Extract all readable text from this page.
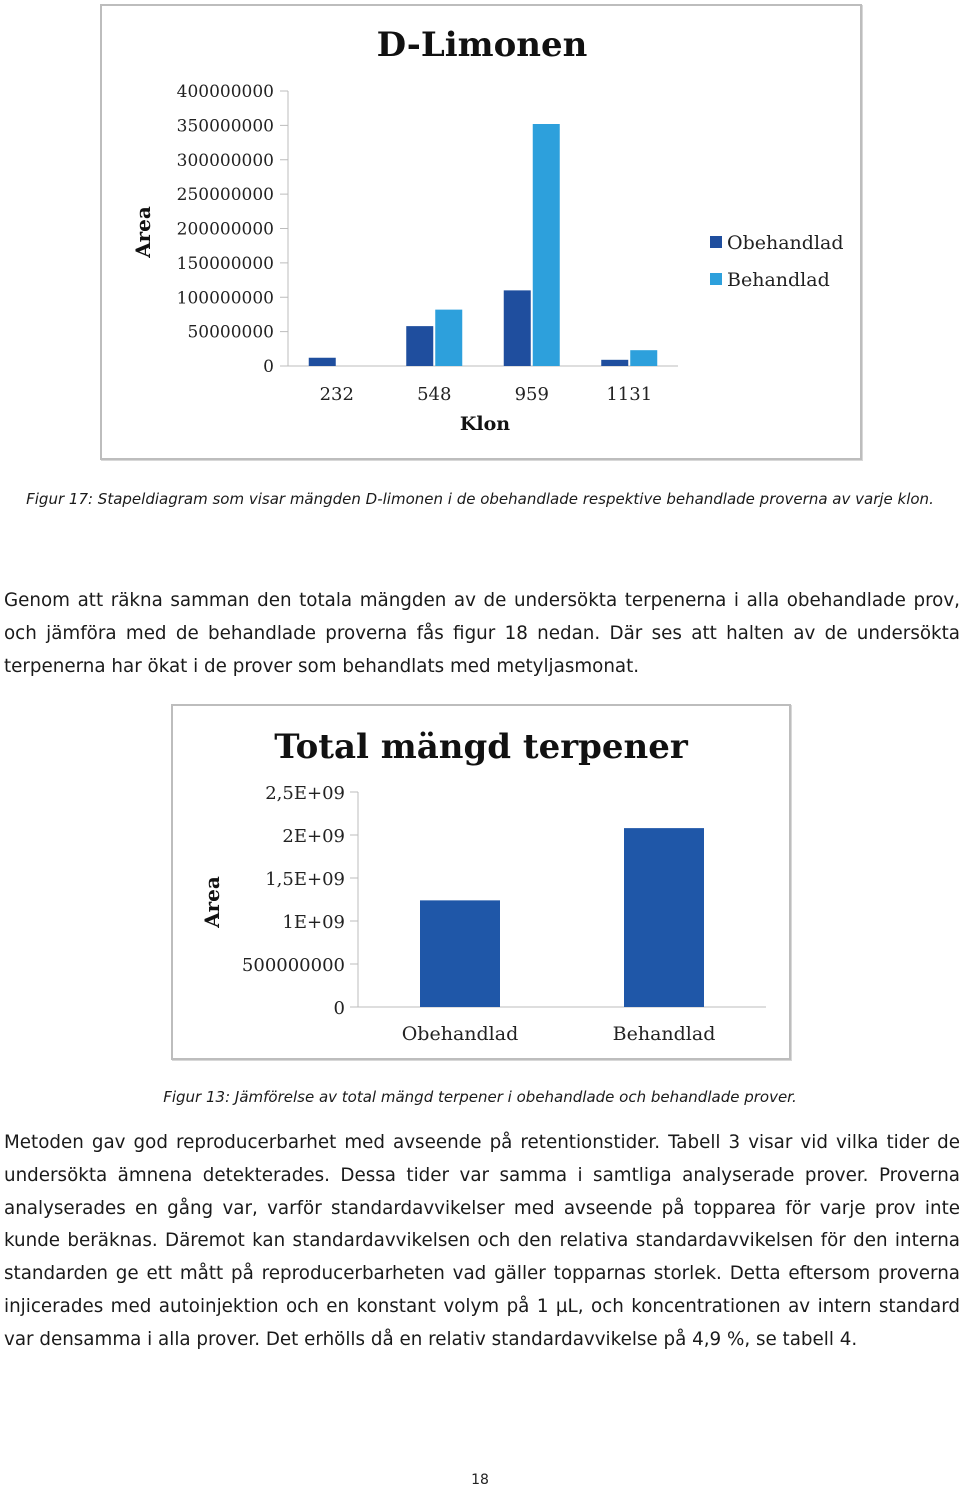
D-Limonen
Area
Klon
400000000
350000000
300000000
250000000
200000000
150000000
100000000
50000000
0
232	548	959	1131
Obehandlad
Behandlad
Figur 17: Stapeldiagram som visar mängden D-limonen i de obehandlade respektive behandlade proverna av varje klon.

Genom att räkna samman den totala mängden av de undersökta terpenerna i alla obehandlade prov, och jämföra med de behandlade proverna fås figur 18 nedan. Där ses att halten av de undersökta terpenerna har ökat i de prover som behandlats med metyljasmonat.

Total mängd terpener
Area
2,5E+09
2E+09
1,5E+09
1E+09
500000000
0
Obehandlad	Behandlad
Figur 13: Jämförelse av total mängd terpener i obehandlade och behandlade prover.

Metoden gav god reproducerbarhet med avseende på retentionstider. Tabell 3 visar vid vilka tider de undersökta ämnena detekterades. Dessa tider var samma i samtliga analyserade prover. Proverna analyserades en gång var, varför standardavvikelser med avseende på topparea för varje prov inte kunde beräknas. Däremot kan standardavvikelsen och den relativa standardavvikelsen för den interna standarden ge ett mått på reproducerbarheten vad gäller topparnas storlek. Detta eftersom proverna injicerades med autoinjektion och en konstant volym på 1 µL, och koncentrationen av intern standard var densamma i alla prover. Det erhölls då en relativ standardavvikelse på 4,9 %, se tabell 4.

18
